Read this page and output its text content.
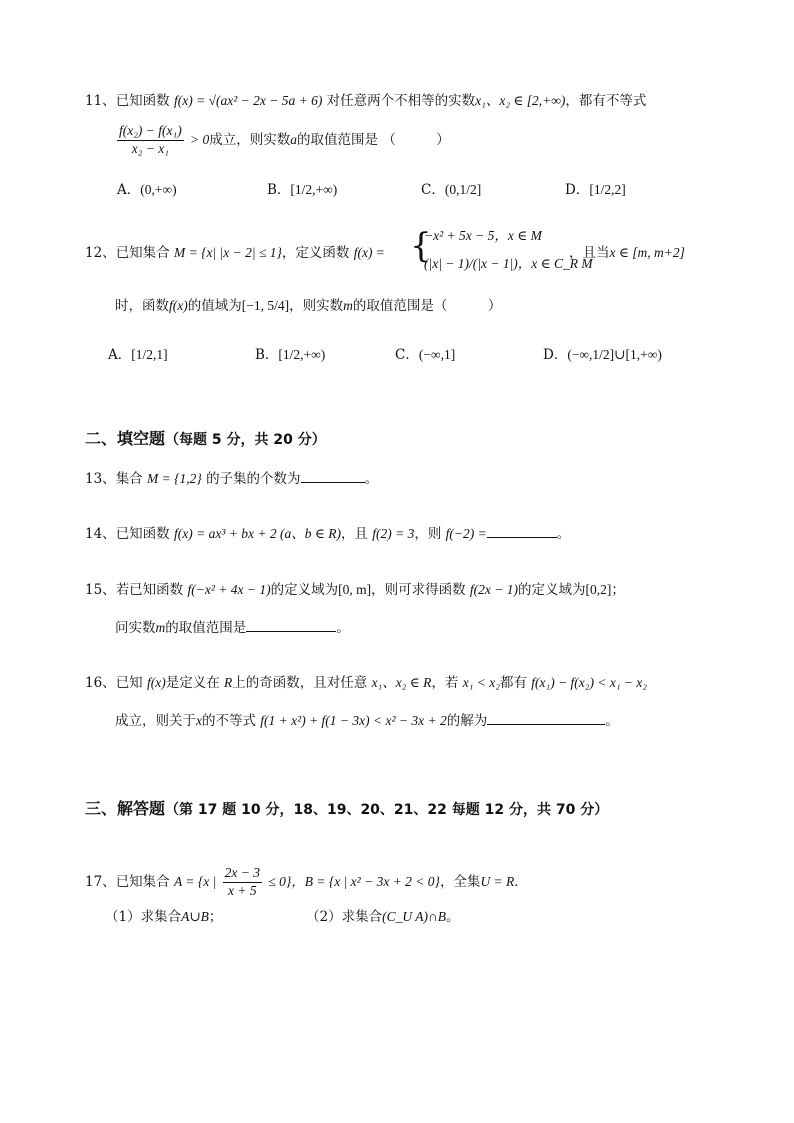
11、已知函数 f(x) = √(ax² − 2x − 5a + 6) 对任意两个不相等的实数x₁、x₂ ∈ [2,+∞)，都有不等式
$\frac{\text{f(x₂) − f(x₁)}}{\text{x₂ − x₁}} > 0$成立，则实数a的取值范围是 （　　　）
A．(0,+∞)	B．[1/2,+∞)	C．(0,1/2]	D．[1/2,2]
12、已知集合 M = {x| |x − 2| ≤ 1}，定义函数 f(x) = {
−x² + 5x − 5，x ∈ M
(|x| − 1)/(|x − 1|)，x ∈ C_R M
，且当x ∈ [m, m+2]
时，函数f(x)的值域为[−1, 5/4]，则实数m的取值范围是（　　　）
A．[1/2,1]	B．[1/2,+∞)	C．(−∞,1]	D．(−∞,1/2]∪[1,+∞)
二、填空题（每题 5 分，共 20 分）
13、集合 M = {1,2} 的子集的个数为	。
14、已知函数 f(x) = ax³ + bx + 2 (a、b ∈ R)，且 f(2) = 3，则 f(−2) =	。
15、若已知函数 f(−x² + 4x − 1)的定义域为[0, m]，则可求得函数 f(2x − 1)的定义域为[0,2]；
问实数m的取值范围是	。
16、已知 f(x)是定义在 R上的奇函数，且对任意 x₁、x₂ ∈ R，若 x₁ < x₂都有 f(x₁) − f(x₂) < x₁ − x₂
成立，则关于x的不等式 f(1 + x²) + f(1 − 3x) < x² − 3x + 2的解为	。
三、解答题（第 17 题 10 分，18、19、20、21、22 每题 12 分，共 70 分）
17、已知集合 A = {x | $\frac{2x - 3}{x + 5} \le 0$}，B = {x | x² − 3x + 2 < 0}，全集U = R．
（1）求集合A∪B；	（2）求集合(C_U A)∩B。
